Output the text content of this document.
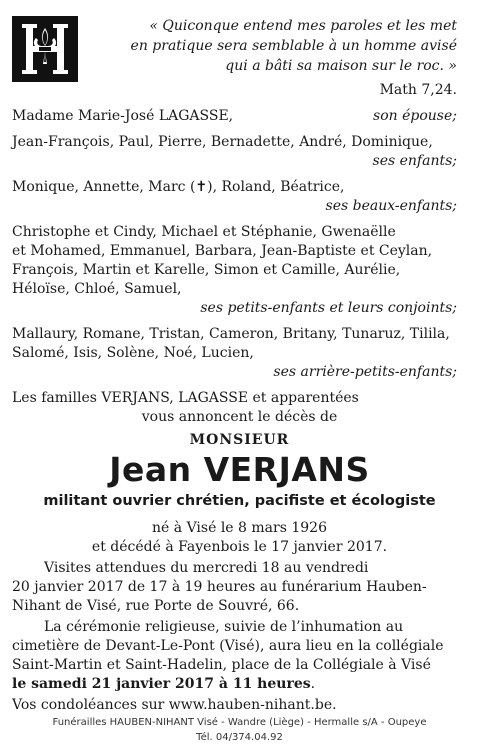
« Quiconque entend mes paroles et les met
en pratique sera semblable à un homme avisé
qui a bâti sa maison sur le roc. »
Math 7,24.
Madame Marie-José LAGASSE,	son épouse;
Jean-François, Paul, Pierre, Bernadette, André, Dominique,
ses enfants;
Monique, Annette, Marc (✝), Roland, Béatrice,
ses beaux-enfants;
Christophe et Cindy, Michael et Stéphanie, Gwenaëlle
et Mohamed, Emmanuel, Barbara, Jean-Baptiste et Ceylan,
François, Martin et Karelle, Simon et Camille, Aurélie,
Héloïse, Chloé, Samuel,
ses petits-enfants et leurs conjoints;
Mallaury, Romane, Tristan, Cameron, Britany, Tunaruz, Tilila,
Salomé, Isis, Solène, Noé, Lucien,
ses arrière-petits-enfants;
Les familles VERJANS, LAGASSE et apparentées
vous annoncent le décès de
MONSIEUR
Jean VERJANS
militant ouvrier chrétien, pacifiste et écologiste
né à Visé le 8 mars 1926
et décédé à Fayenbois le 17 janvier 2017.
Visites attendues du mercredi 18 au vendredi
20 janvier 2017 de 17 à 19 heures au funérarium Hauben-
Nihant de Visé, rue Porte de Souvré, 66.
La cérémonie religieuse, suivie de l’inhumation au
cimetière de Devant-Le-Pont (Visé), aura lieu en la collégiale
Saint-Martin et Saint-Hadelin, place de la Collégiale à Visé
le samedi 21 janvier 2017 à 11 heures.
Vos condoléances sur www.hauben-nihant.be.
Funérailles HAUBEN-NIHANT Visé - Wandre (Liège) - Hermalle s/A - Oupeye
Tél. 04/374.04.92
